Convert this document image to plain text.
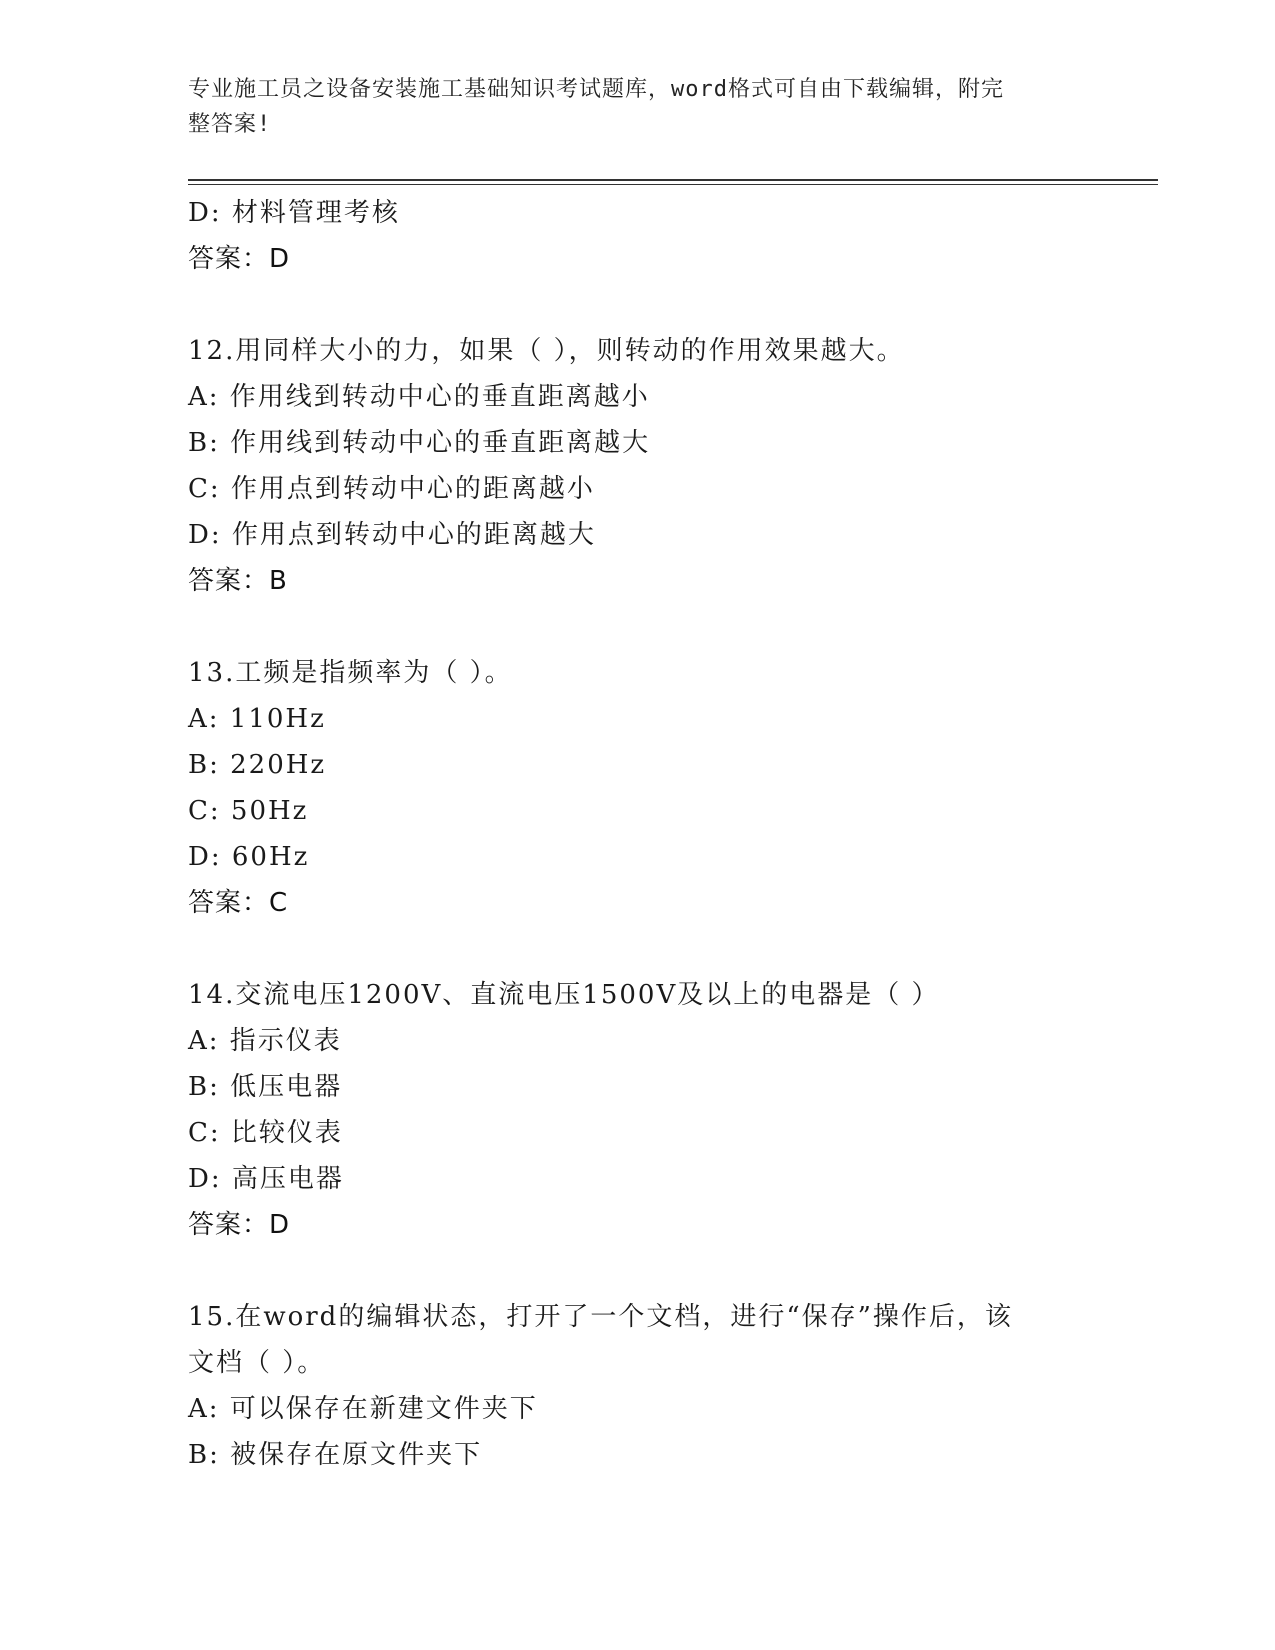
专业施工员之设备安装施工基础知识考试题库，word格式可自由下载编辑，附完
整答案!
D: 材料管理考核
答案：D
12.用同样大小的力，如果（ ），则转动的作用效果越大。
A: 作用线到转动中心的垂直距离越小
B: 作用线到转动中心的垂直距离越大
C: 作用点到转动中心的距离越小
D: 作用点到转动中心的距离越大
答案：B
13.工频是指频率为（ ）。
A: 110Hz
B: 220Hz
C: 50Hz
D: 60Hz
答案：C
14.交流电压1200V、直流电压1500V及以上的电器是（ ）
A: 指示仪表
B: 低压电器
C: 比较仪表
D: 高压电器
答案：D
15.在word的编辑状态，打开了一个文档，进行“保存”操作后，该
文档（ ）。
A: 可以保存在新建文件夹下
B: 被保存在原文件夹下
